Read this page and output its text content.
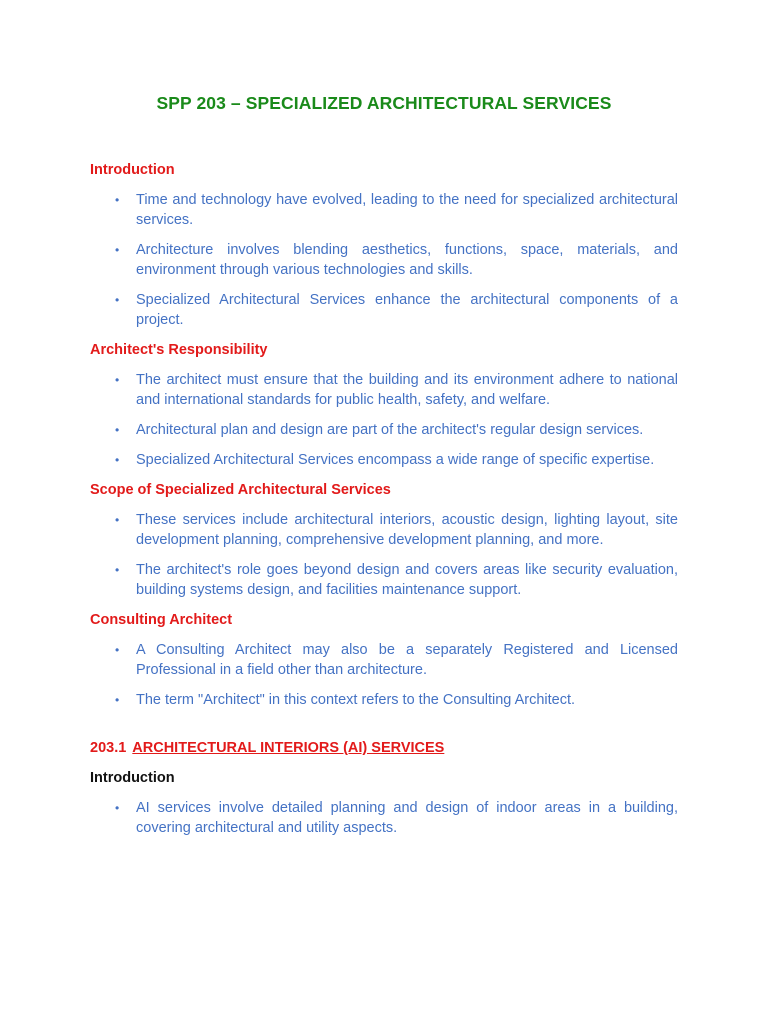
SPP 203 – SPECIALIZED ARCHITECTURAL SERVICES
Introduction
• Time and technology have evolved, leading to the need for specialized architectural services.
• Architecture involves blending aesthetics, functions, space, materials, and environment through various technologies and skills.
• Specialized Architectural Services enhance the architectural components of a project.
Architect's Responsibility
• The architect must ensure that the building and its environment adhere to national and international standards for public health, safety, and welfare.
• Architectural plan and design are part of the architect's regular design services.
• Specialized Architectural Services encompass a wide range of specific expertise.
Scope of Specialized Architectural Services
• These services include architectural interiors, acoustic design, lighting layout, site development planning, comprehensive development planning, and more.
• The architect's role goes beyond design and covers areas like security evaluation, building systems design, and facilities maintenance support.
Consulting Architect
• A Consulting Architect may also be a separately Registered and Licensed Professional in a field other than architecture.
• The term "Architect" in this context refers to the Consulting Architect.
203.1 ARCHITECTURAL INTERIORS (AI) SERVICES
Introduction
• AI services involve detailed planning and design of indoor areas in a building, covering architectural and utility aspects.
